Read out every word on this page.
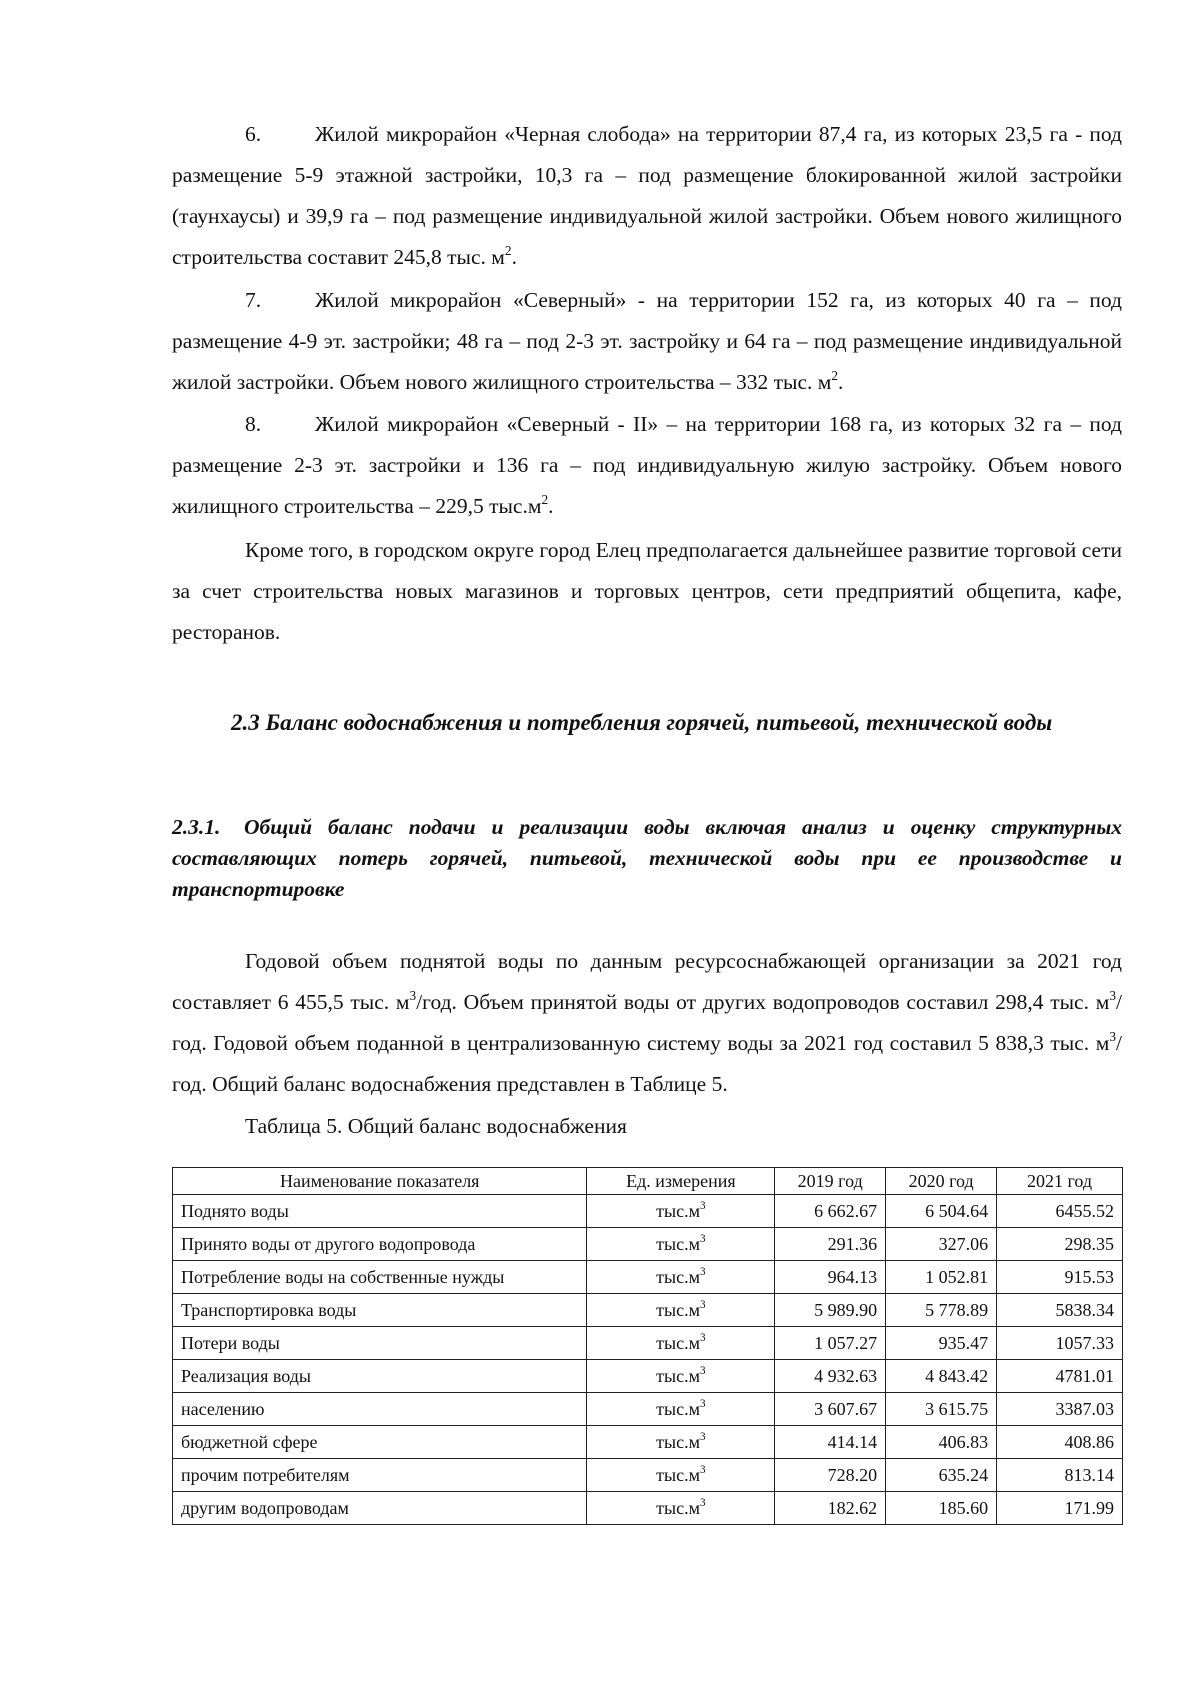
6.	Жилой микрорайон «Черная слобода» на территории 87,4 га, из которых 23,5 га - под размещение 5-9 этажной застройки, 10,3 га – под размещение блокированной жилой застройки (таунхаусы) и 39,9 га – под размещение индивидуальной жилой застройки. Объем нового жилищного строительства составит 245,8 тыс. $м^2$.

7.	Жилой микрорайон «Северный» - на территории 152 га, из которых 40 га – под размещение 4-9 эт. застройки; 48 га – под 2-3 эт. застройку и 64 га – под размещение индивидуальной жилой застройки. Объем нового жилищного строительства – 332 тыс. $м^2$.

8.	Жилой микрорайон «Северный - II» – на территории 168 га, из которых 32 га – под размещение 2-3 эт. застройки и 136 га – под индивидуальную жилую застройку. Объем нового жилищного строительства – 229,5 $тыс.м^2$.

Кроме того, в городском округе город Елец предполагается дальнейшее развитие торговой сети за счет строительства новых магазинов и торговых центров, сети предприятий общепита, кафе, ресторанов.

2.3 Баланс водоснабжения и потребления горячей, питьевой, технической воды

2.3.1. Общий баланс подачи и реализации воды включая анализ и оценку структурных составляющих потерь горячей, питьевой, технической воды при ее производстве и транспортировке

Годовой объем поднятой воды по данным ресурсоснабжающей организации за 2021 год составляет 6 455,5 тыс. $м^3$/год. Объем принятой воды от других водопроводов составил 298,4 тыс. $м^3$/год. Годовой объем поданной в централизованную систему воды за 2021 год составил 5 838,3 тыс. $м^3$/год. Общий баланс водоснабжения представлен в Таблице 5.

Таблица 5. Общий баланс водоснабжения

Наименование показателя	Ед. измерения	2019 год	2020 год	2021 год
Поднято воды	$тыс.м^3$	6 662.67	6 504.64	6455.52
Принято воды от другого водопровода	$тыс.м^3$	291.36	327.06	298.35
Потребление воды на собственные нужды	$тыс.м^3$	964.13	1 052.81	915.53
Транспортировка воды	$тыс.м^3$	5 989.90	5 778.89	5838.34
Потери воды	$тыс.м^3$	1 057.27	935.47	1057.33
Реализация воды	$тыс.м^3$	4 932.63	4 843.42	4781.01
населению	$тыс.м^3$	3 607.67	3 615.75	3387.03
бюджетной сфере	$тыс.м^3$	414.14	406.83	408.86
прочим потребителям	$тыс.м^3$	728.20	635.24	813.14
другим водопроводам	$тыс.м^3$	182.62	185.60	171.99
